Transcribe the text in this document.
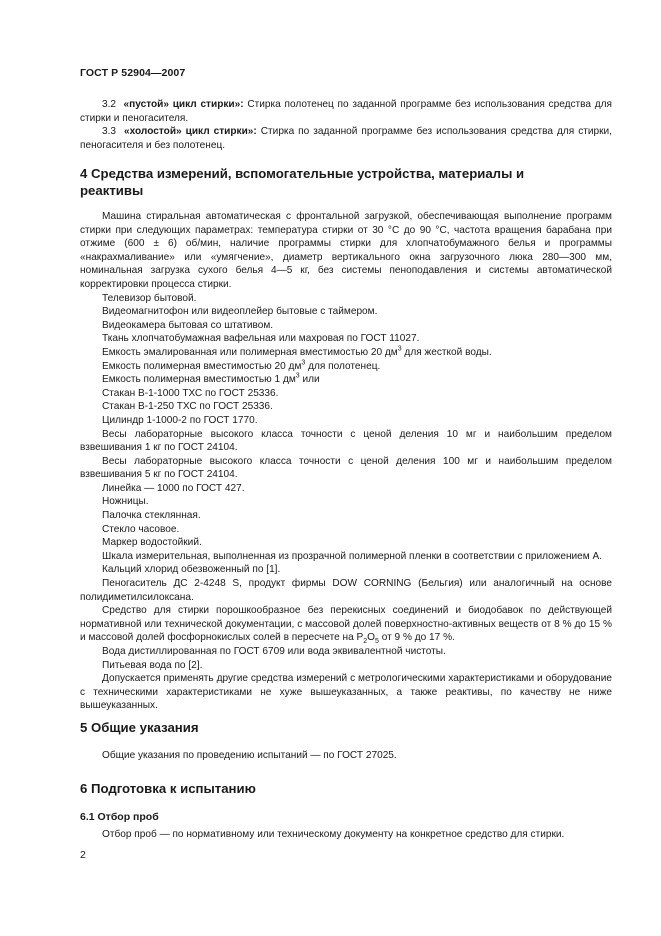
ГОСТ Р 52904—2007

3.2 «пустой» цикл стирки»: Стирка полотенец по заданной программе без использования средства для стирки и пеногасителя.

3.3 «холостой» цикл стирки»: Стирка по заданной программе без использования средства для стирки, пеногасителя и без полотенец.

4 Средства измерений, вспомогательные устройства, материалы и реактивы

Машина стиральная автоматическая с фронтальной загрузкой, обеспечивающая выполнение программ стирки при следующих параметрах: температура стирки от 30 °С до 90 °С, частота вращения барабана при отжиме (600 ± 6) об/мин, наличие программы стирки для хлопчатобумажного белья и программы «накрахмаливание» или «умягчение», диаметр вертикального окна загрузочного люка 280—300 мм, номинальная загрузка сухого белья 4—5 кг, без системы пеноподавления и системы автоматической корректировки процесса стирки.

Телевизор бытовой.

Видеомагнитофон или видеоплейер бытовые с таймером.

Видеокамера бытовая со штативом.

Ткань хлопчатобумажная вафельная или махровая по ГОСТ 11027.

Емкость эмалированная или полимерная вместимостью 20 $дм^3$ для жесткой воды.

Емкость полимерная вместимостью 20 $дм^3$ для полотенец.

Емкость полимерная вместимостью 1 $дм^3$ или

Стакан В-1-1000 ТХС по ГОСТ 25336.

Стакан В-1-250 ТХС по ГОСТ 25336.

Цилиндр 1-1000-2 по ГОСТ 1770.

Весы лабораторные высокого класса точности с ценой деления 10 мг и наибольшим пределом взвешивания 1 кг по ГОСТ 24104.

Весы лабораторные высокого класса точности с ценой деления 100 мг и наибольшим пределом взвешивания 5 кг по ГОСТ 24104.

Линейка — 1000 по ГОСТ 427.

Ножницы.

Палочка стеклянная.

Стекло часовое.

Маркер водостойкий.

Шкала измерительная, выполненная из прозрачной полимерной пленки в соответствии с приложением А.

Кальций хлорид обезвоженный по [1].

Пеногаситель ДС 2-4248 S, продукт фирмы DOW CORNING (Бельгия) или аналогичный на основе полидиметилсилоксана.

Средство для стирки порошкообразное без перекисных соединений и биодобавок по действующей нормативной или технической документации, с массовой долей поверхностно-активных веществ от 8 % до 15 % и массовой долей фосфорнокислых солей в пересчете на $P_2O_5$ от 9 % до 17 %.

Вода дистиллированная по ГОСТ 6709 или вода эквивалентной чистоты.

Питьевая вода по [2].

Допускается применять другие средства измерений с метрологическими характеристиками и оборудование с техническими характеристиками не хуже вышеуказанных, а также реактивы, по качеству не ниже вышеуказанных.

5 Общие указания

Общие указания по проведению испытаний — по ГОСТ 27025.

6 Подготовка к испытанию
6.1 Отбор проб

Отбор проб — по нормативному или техническому документу на конкретное средство для стирки.

2
